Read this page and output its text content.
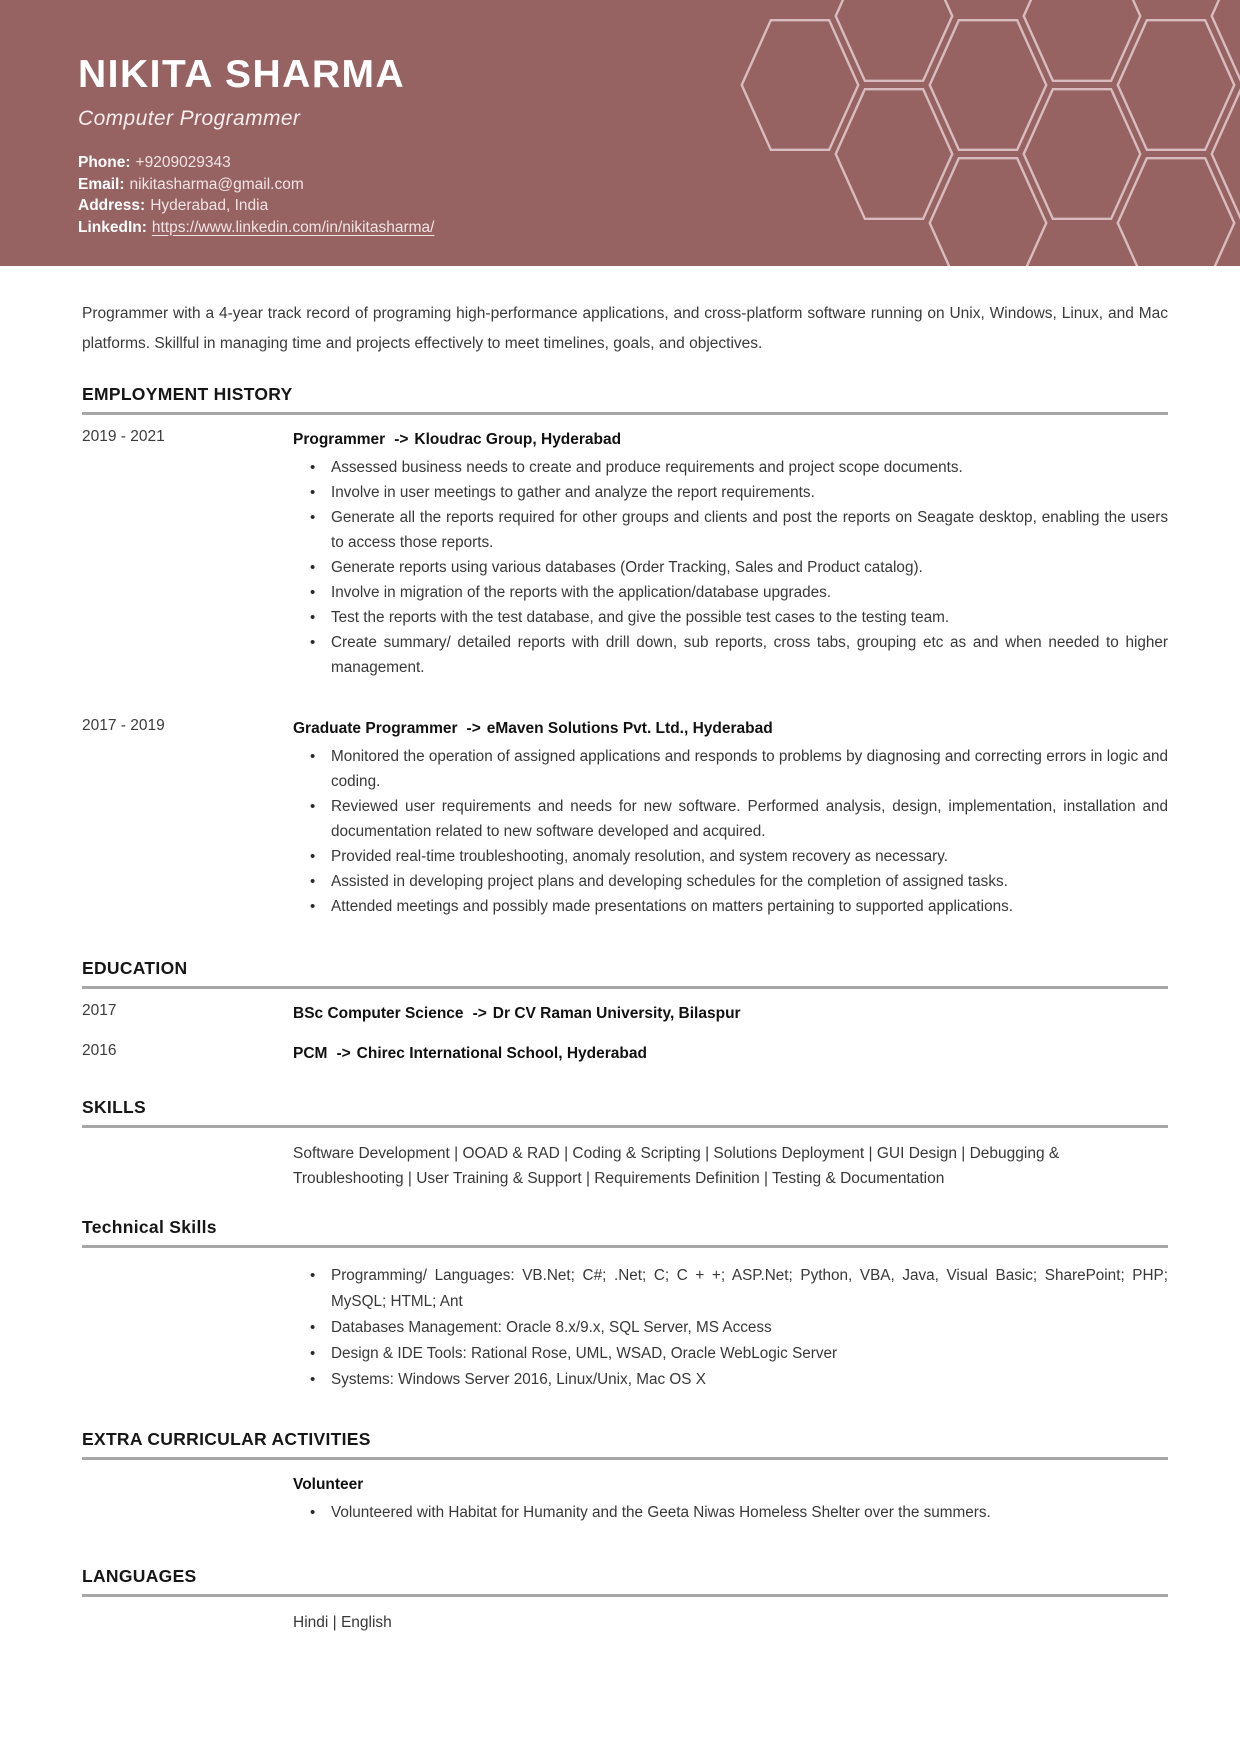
NIKITA SHARMA
Computer Programmer
Phone: +9209029343
Email: nikitasharma@gmail.com
Address: Hyderabad, India
LinkedIn: https://www.linkedin.com/in/nikitasharma/
Programmer with a 4-year track record of programing high-performance applications, and cross-platform software running on Unix, Windows, Linux, and Mac platforms. Skillful in managing time and projects effectively to meet timelines, goals, and objectives.
EMPLOYMENT HISTORY
2019 - 2021	Programmer -> Kloudrac Group, Hyderabad
• Assessed business needs to create and produce requirements and project scope documents.
• Involve in user meetings to gather and analyze the report requirements.
• Generate all the reports required for other groups and clients and post the reports on Seagate desktop, enabling the users to access those reports.
• Generate reports using various databases (Order Tracking, Sales and Product catalog).
• Involve in migration of the reports with the application/database upgrades.
• Test the reports with the test database, and give the possible test cases to the testing team.
• Create summary/ detailed reports with drill down, sub reports, cross tabs, grouping etc as and when needed to higher management.
2017 - 2019	Graduate Programmer -> eMaven Solutions Pvt. Ltd., Hyderabad
• Monitored the operation of assigned applications and responds to problems by diagnosing and correcting errors in logic and coding.
• Reviewed user requirements and needs for new software. Performed analysis, design, implementation, installation and documentation related to new software developed and acquired.
• Provided real-time troubleshooting, anomaly resolution, and system recovery as necessary.
• Assisted in developing project plans and developing schedules for the completion of assigned tasks.
• Attended meetings and possibly made presentations on matters pertaining to supported applications.
EDUCATION
2017	BSc Computer Science -> Dr CV Raman University, Bilaspur
2016	PCM -> Chirec International School, Hyderabad
SKILLS
Software Development | OOAD & RAD | Coding & Scripting | Solutions Deployment | GUI Design | Debugging & Troubleshooting | User Training & Support | Requirements Definition | Testing & Documentation
Technical Skills
• Programming/ Languages: VB.Net; C#; .Net; C; C + +; ASP.Net; Python, VBA, Java, Visual Basic; SharePoint; PHP; MySQL; HTML; Ant
• Databases Management: Oracle 8.x/9.x, SQL Server, MS Access
• Design & IDE Tools: Rational Rose, UML, WSAD, Oracle WebLogic Server
• Systems: Windows Server 2016, Linux/Unix, Mac OS X
EXTRA CURRICULAR ACTIVITIES
Volunteer
• Volunteered with Habitat for Humanity and the Geeta Niwas Homeless Shelter over the summers.
LANGUAGES
Hindi | English
